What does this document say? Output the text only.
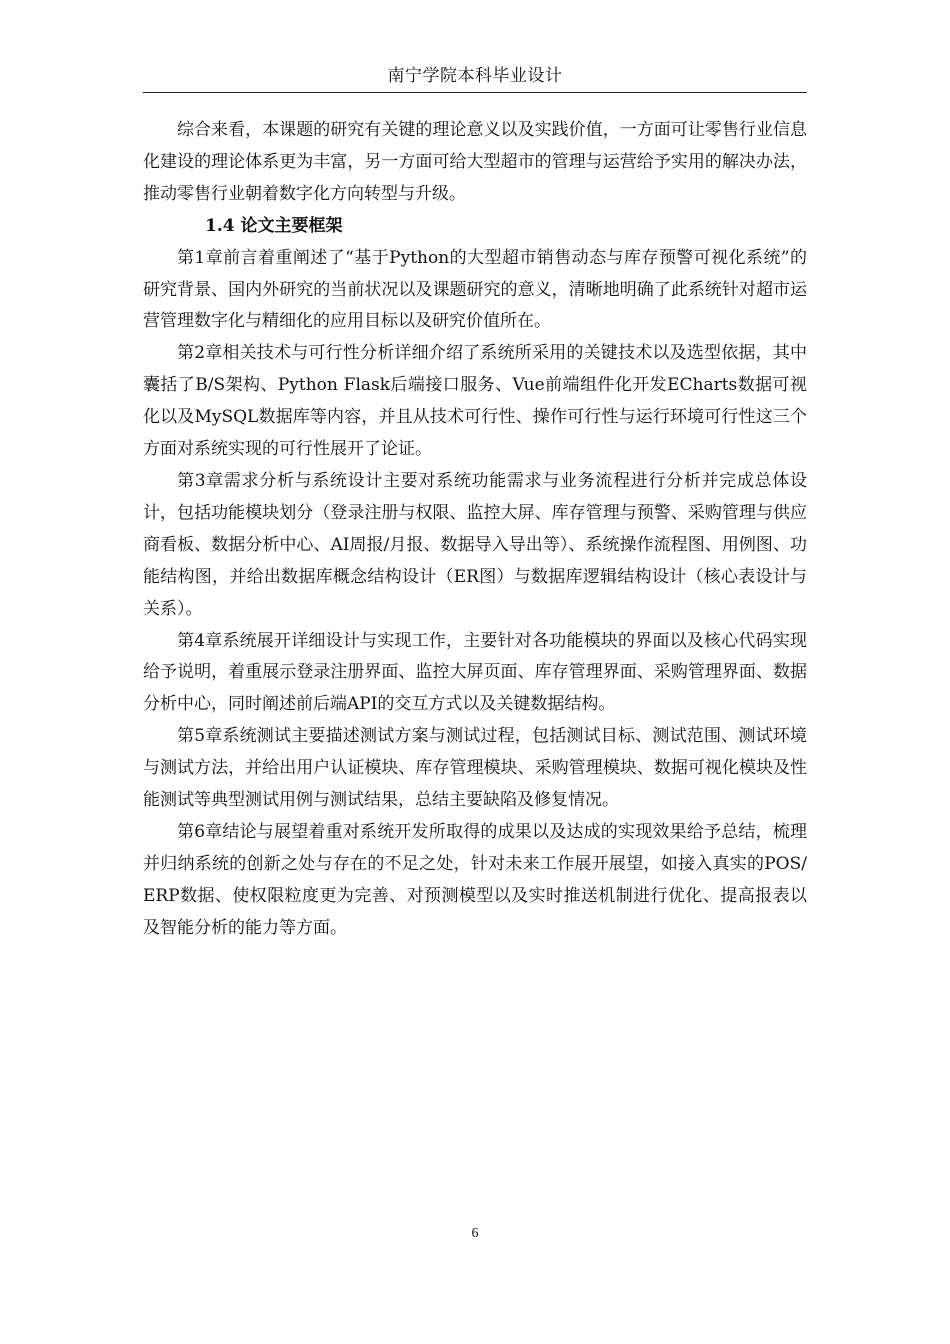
南宁学院本科毕业设计

综合来看，本课题的研究有关键的理论意义以及实践价值，一方面可让零售行业信息化建设的理论体系更为丰富，另一方面可给大型超市的管理与运营给予实用的解决办法，推动零售行业朝着数字化方向转型与升级。

1.4 论文主要框架

第1章前言着重阐述了“基于Python的大型超市销售动态与库存预警可视化系统”的研究背景、国内外研究的当前状况以及课题研究的意义，清晰地明确了此系统针对超市运营管理数字化与精细化的应用目标以及研究价值所在。

第2章相关技术与可行性分析详细介绍了系统所采用的关键技术以及选型依据，其中囊括了B/S架构、Python Flask后端接口服务、Vue前端组件化开发ECharts数据可视化以及MySQL数据库等内容，并且从技术可行性、操作可行性与运行环境可行性这三个方面对系统实现的可行性展开了论证。

第3章需求分析与系统设计主要对系统功能需求与业务流程进行分析并完成总体设计，包括功能模块划分（登录注册与权限、监控大屏、库存管理与预警、采购管理与供应商看板、数据分析中心、AI周报/月报、数据导入导出等）、系统操作流程图、用例图、功能结构图，并给出数据库概念结构设计（ER图）与数据库逻辑结构设计（核心表设计与关系）。

第4章系统展开详细设计与实现工作，主要针对各功能模块的界面以及核心代码实现给予说明，着重展示登录注册界面、监控大屏页面、库存管理界面、采购管理界面、数据分析中心，同时阐述前后端API的交互方式以及关键数据结构。

第5章系统测试主要描述测试方案与测试过程，包括测试目标、测试范围、测试环境与测试方法，并给出用户认证模块、库存管理模块、采购管理模块、数据可视化模块及性能测试等典型测试用例与测试结果，总结主要缺陷及修复情况。

第6章结论与展望着重对系统开发所取得的成果以及达成的实现效果给予总结，梳理并归纳系统的创新之处与存在的不足之处，针对未来工作展开展望，如接入真实的POS/ERP数据、使权限粒度更为完善、对预测模型以及实时推送机制进行优化、提高报表以及智能分析的能力等方面。

6
